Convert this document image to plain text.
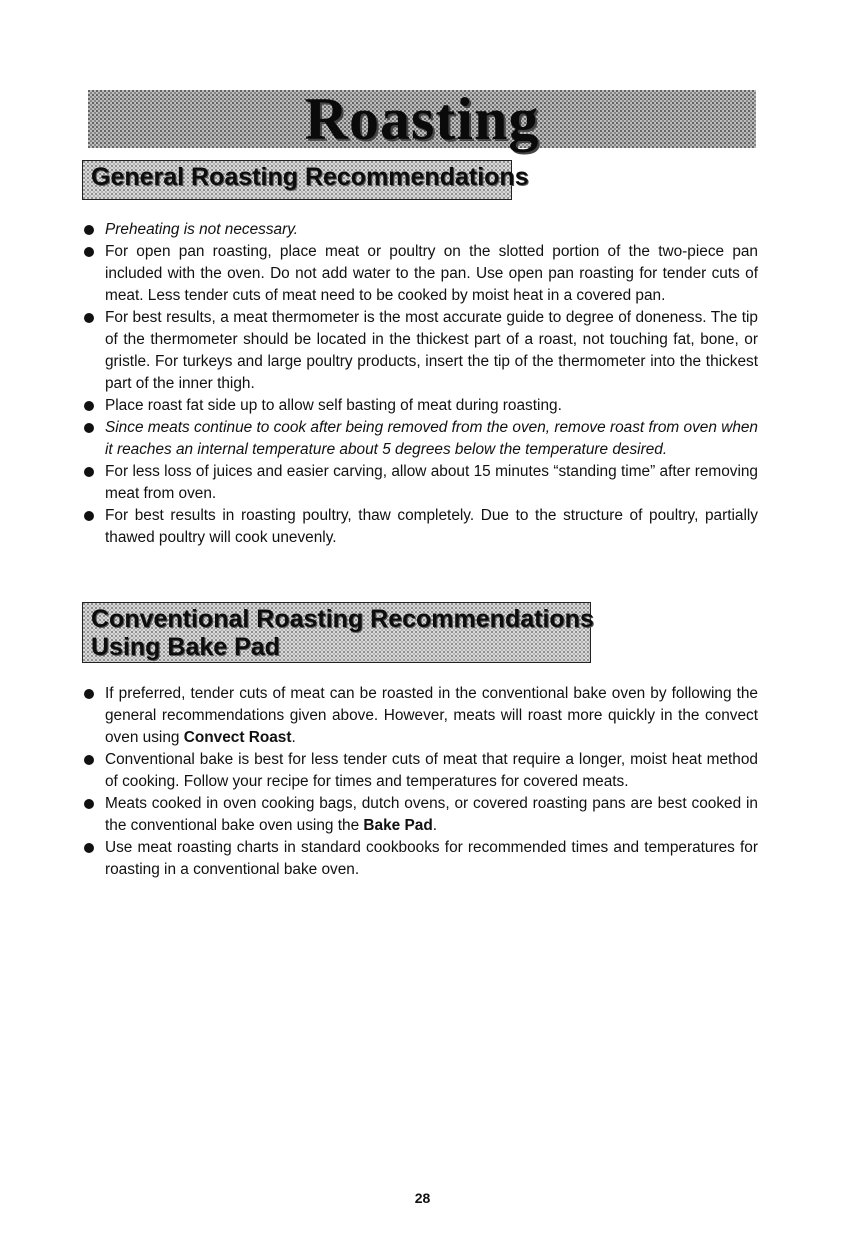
Roasting
General Roasting Recommendations
Preheating is not necessary.
For open pan roasting, place meat or poultry on the slotted portion of the two-piece pan included with the oven. Do not add water to the pan. Use open pan roasting for tender cuts of meat. Less tender cuts of meat need to be cooked by moist heat in a covered pan.
For best results, a meat thermometer is the most accurate guide to degree of doneness. The tip of the thermometer should be located in the thickest part of a roast, not touching fat, bone, or gristle. For turkeys and large poultry products, insert the tip of the thermometer into the thickest part of the inner thigh.
Place roast fat side up to allow self basting of meat during roasting.
Since meats continue to cook after being removed from the oven, remove roast from oven when it reaches an internal temperature about 5 degrees below the temperature desired.
For less loss of juices and easier carving, allow about 15 minutes “standing time” after removing meat from oven.
For best results in roasting poultry, thaw completely. Due to the structure of poultry, partially thawed poultry will cook unevenly.
Conventional Roasting Recommendations
Using Bake Pad
If preferred, tender cuts of meat can be roasted in the conventional bake oven by following the general recommendations given above. However, meats will roast more quickly in the convect oven using Convect Roast.
Conventional bake is best for less tender cuts of meat that require a longer, moist heat method of cooking. Follow your recipe for times and temperatures for covered meats.
Meats cooked in oven cooking bags, dutch ovens, or covered roasting pans are best cooked in the conventional bake oven using the Bake Pad.
Use meat roasting charts in standard cookbooks for recommended times and temperatures for roasting in a conventional bake oven.
28
